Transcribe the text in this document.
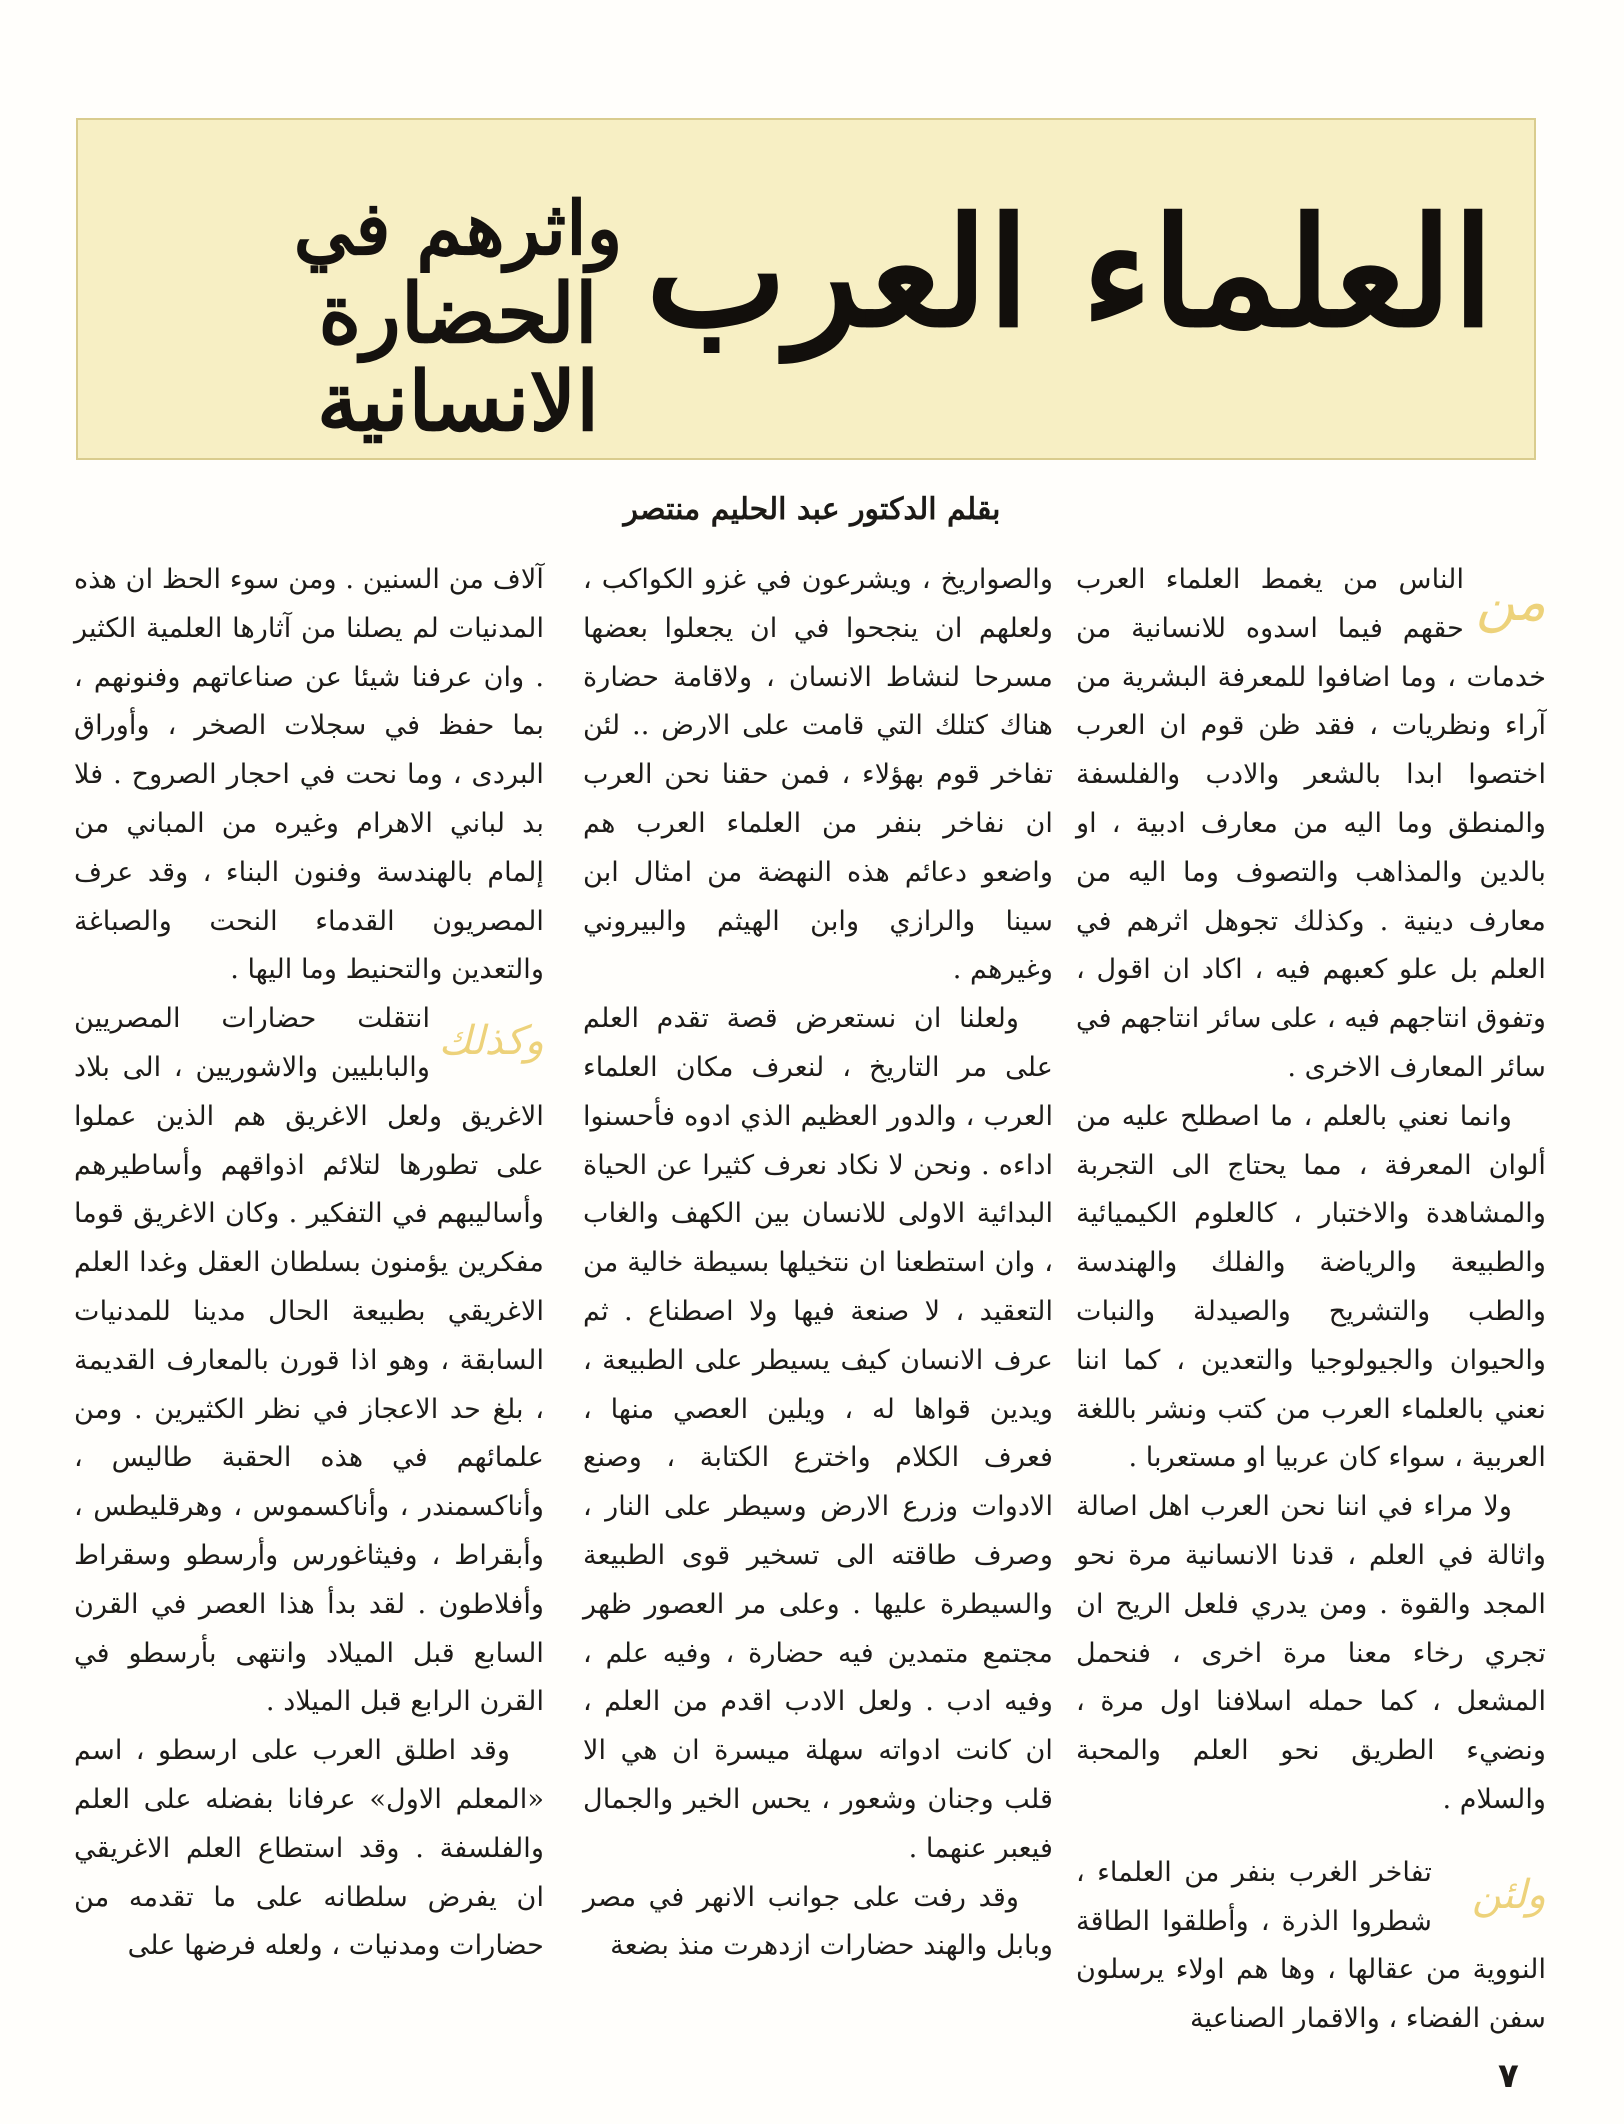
العلماء العرب
واثرهم في
الحضارة الانسانية
بقلم الدكتور عبد الحليم منتصر
من

الناس من يغمط العلماء العرب حقهم فيما اسدوه للانسانية من خدمات ، وما اضافوا للمعرفة البشرية من آراء ونظريات ، فقد ظن قوم ان العرب اختصوا ابدا بالشعر والادب والفلسفة والمنطق وما اليه من معارف ادبية ، او بالدين والمذاهب والتصوف وما اليه من معارف دينية . وكذلك تجوهل اثرهم في العلم بل علو كعبهم فيه ، اكاد ان اقول ، وتفوق انتاجهم فيه ، على سائر انتاجهم في سائر المعارف الاخرى .

وانما نعني بالعلم ، ما اصطلح عليه من ألوان المعرفة ، مما يحتاج الى التجربة والمشاهدة والاختبار ، كالعلوم الكيميائية والطبيعة والرياضة والفلك والهندسة والطب والتشريح والصيدلة والنبات والحيوان والجيولوجيا والتعدين ، كما اننا نعني بالعلماء العرب من كتب ونشر باللغة العربية ، سواء كان عربيا او مستعربا .

ولا مراء في اننا نحن العرب اهل اصالة واثالة في العلم ، قدنا الانسانية مرة نحو المجد والقوة . ومن يدري فلعل الريح ان تجري رخاء معنا مرة اخرى ، فنحمل المشعل ، كما حمله اسلافنا اول مرة ، ونضيء الطريق نحو العلم والمحبة والسلام .

ولئن
تفاخر الغرب بنفر من العلماء ، شطروا الذرة ، وأطلقوا الطاقة النووية من عقالها ، وها هم اولاء يرسلون سفن الفضاء ، والاقمار الصناعية

والصواريخ ، ويشرعون في غزو الكواكب ، ولعلهم ان ينجحوا في ان يجعلوا بعضها مسرحا لنشاط الانسان ، ولاقامة حضارة هناك كتلك التي قامت على الارض .. لئن تفاخر قوم بهؤلاء ، فمن حقنا نحن العرب ان نفاخر بنفر من العلماء العرب هم واضعو دعائم هذه النهضة من امثال ابن سينا والرازي وابن الهيثم والبيروني وغيرهم .

ولعلنا ان نستعرض قصة تقدم العلم على مر التاريخ ، لنعرف مكان العلماء العرب ، والدور العظيم الذي ادوه فأحسنوا اداءه . ونحن لا نكاد نعرف كثيرا عن الحياة البدائية الاولى للانسان بين الكهف والغاب ، وان استطعنا ان نتخيلها بسيطة خالية من التعقيد ، لا صنعة فيها ولا اصطناع . ثم عرف الانسان كيف يسيطر على الطبيعة ، ويدين قواها له ، ويلين العصي منها ، فعرف الكلام واخترع الكتابة ، وصنع الادوات وزرع الارض وسيطر على النار ، وصرف طاقته الى تسخير قوى الطبيعة والسيطرة عليها . وعلى مر العصور ظهر مجتمع متمدين فيه حضارة ، وفيه علم ، وفيه ادب . ولعل الادب اقدم من العلم ، ان كانت ادواته سهلة ميسرة ان هي الا قلب وجنان وشعور ، يحس الخير والجمال فيعبر عنهما .

وقد رفت على جوانب الانهر في مصر وبابل والهند حضارات ازدهرت منذ بضعة

آلاف من السنين . ومن سوء الحظ ان هذه المدنيات لم يصلنا من آثارها العلمية الكثير . وان عرفنا شيئا عن صناعاتهم وفنونهم ، بما حفظ في سجلات الصخر ، وأوراق البردى ، وما نحت في احجار الصروح . فلا بد لباني الاهرام وغيره من المباني من إلمام بالهندسة وفنون البناء ، وقد عرف المصريون القدماء النحت والصباغة والتعدين والتحنيط وما اليها .

وكذلك
انتقلت حضارات المصريين والبابليين والاشوريين ، الى بلاد الاغريق ولعل الاغريق هم الذين عملوا على تطورها لتلائم اذواقهم وأساطيرهم وأساليبهم في التفكير . وكان الاغريق قوما مفكرين يؤمنون بسلطان العقل وغدا العلم الاغريقي بطبيعة الحال مدينا للمدنيات السابقة ، وهو اذا قورن بالمعارف القديمة ، بلغ حد الاعجاز في نظر الكثيرين . ومن علمائهم في هذه الحقبة طاليس ، وأناكسمندر ، وأناكسموس ، وهرقليطس ، وأبقراط ، وفيثاغورس وأرسطو وسقراط وأفلاطون . لقد بدأ هذا العصر في القرن السابع قبل الميلاد وانتهى بأرسطو في القرن الرابع قبل الميلاد .

وقد اطلق العرب على ارسطو ، اسم «المعلم الاول» عرفانا بفضله على العلم والفلسفة . وقد استطاع العلم الاغريقي ان يفرض سلطانه على ما تقدمه من حضارات ومدنيات ، ولعله فرضها على

٧
